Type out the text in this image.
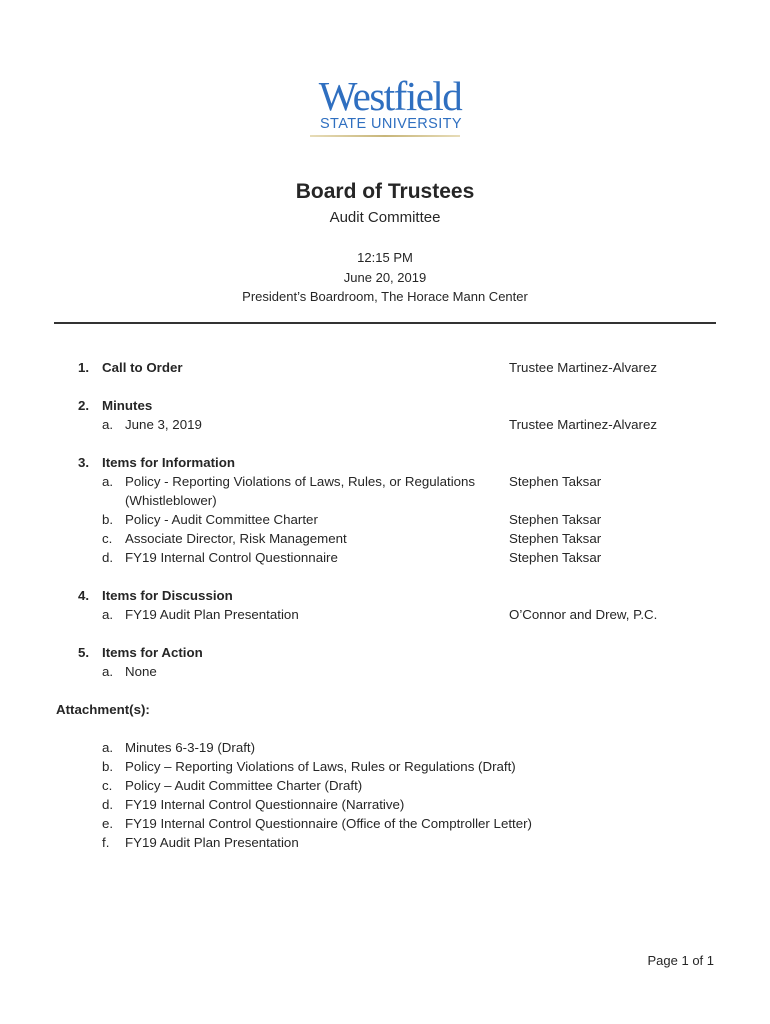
Westfield
STATE UNIVERSITY
Board of Trustees
Audit Committee
12:15 PM
June 20, 2019
President’s Boardroom, The Horace Mann Center
1. Call to Order	Trustee Martinez-Alvarez
2. Minutes
a. June 3, 2019	Trustee Martinez-Alvarez
3. Items for Information
a. Policy - Reporting Violations of Laws, Rules, or Regulations	Stephen Taksar
(Whistleblower)
b. Policy - Audit Committee Charter	Stephen Taksar
c. Associate Director, Risk Management	Stephen Taksar
d. FY19 Internal Control Questionnaire	Stephen Taksar
4. Items for Discussion
a. FY19 Audit Plan Presentation	O’Connor and Drew, P.C.
5. Items for Action
a. None
Attachment(s):
a. Minutes 6-3-19 (Draft)
b. Policy – Reporting Violations of Laws, Rules or Regulations (Draft)
c. Policy – Audit Committee Charter (Draft)
d. FY19 Internal Control Questionnaire (Narrative)
e. FY19 Internal Control Questionnaire (Office of the Comptroller Letter)
f. FY19 Audit Plan Presentation
Page 1 of 1
